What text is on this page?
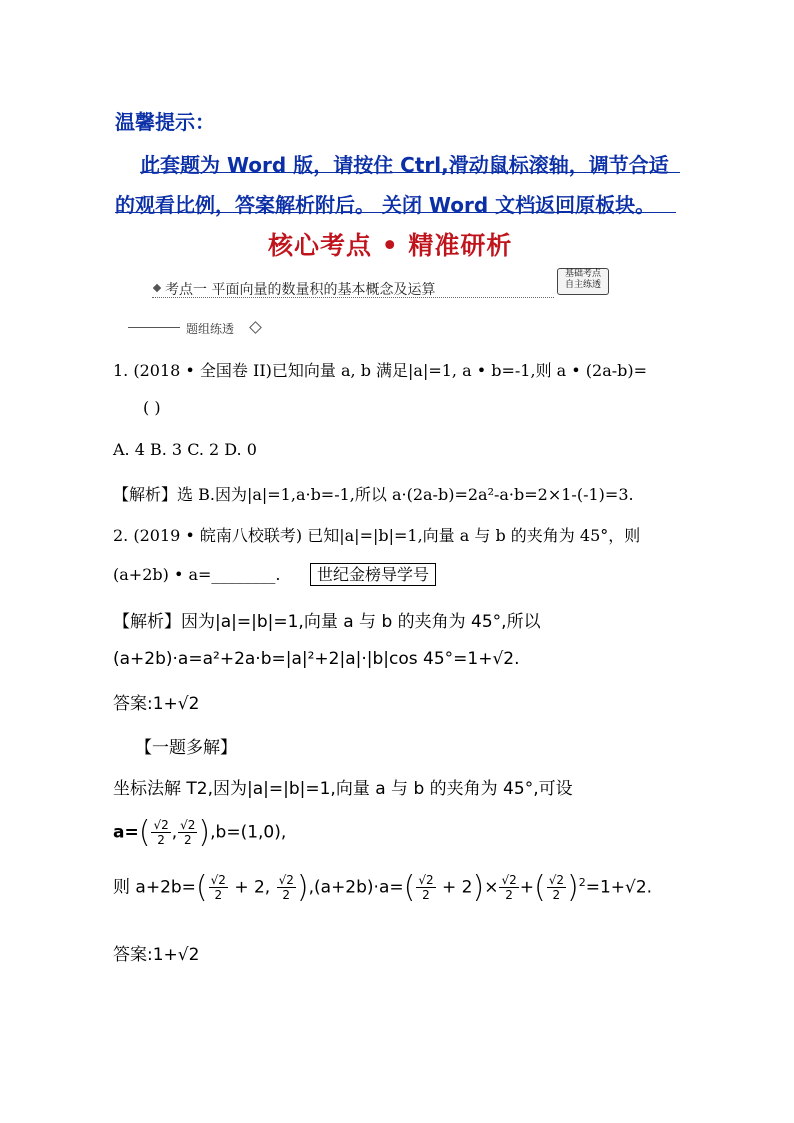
温馨提示：
此套题为 Word 版，请按住 Ctrl,滑动鼠标滚轴，调节合适
的观看比例，答案解析附后。 关闭 Word 文档返回原板块。
核心考点 • 精准研析
考点一 平面向量的数量积的基本概念及运算
基础考点
自主练透
题组练透
1. (2018 • 全国卷 II)已知向量 a, b 满足|a|=1, a • b=-1,则 a • (2a-b)=
( )
A. 4 B. 3 C. 2 D. 0
【解析】选 B.因为|a|=1,a·b=-1,所以 a·(2a-b)=2a²-a·b=2×1-(-1)=3.
2. (2019 • 皖南八校联考) 已知|a|=|b|=1,向量 a 与 b 的夹角为 45°，则
(a+2b) • a=________.	世纪金榜导学号
【解析】因为|a|=|b|=1,向量 a 与 b 的夹角为 45°,所以
(a+2b)·a=a²+2a·b=|a|²+2|a|·|b|cos 45°=1+√2.
答案:1+√2
【一题多解】
坐标法解 T2,因为|a|=|b|=1,向量 a 与 b 的夹角为 45°,可设
$a=( \frac{√2}{2}$ , $\frac{√2}{2} ),b=(1,0)$,
则 $a+2b=( \frac{√2}{2} + 2$, $\frac{√2}{2} ),(a+2b)\cdot a=( \frac{√2}{2} + 2)\times \frac{√2}{2}$ +( $\frac{√2}{2} )^2=1+√2$.
答案:1+√2
